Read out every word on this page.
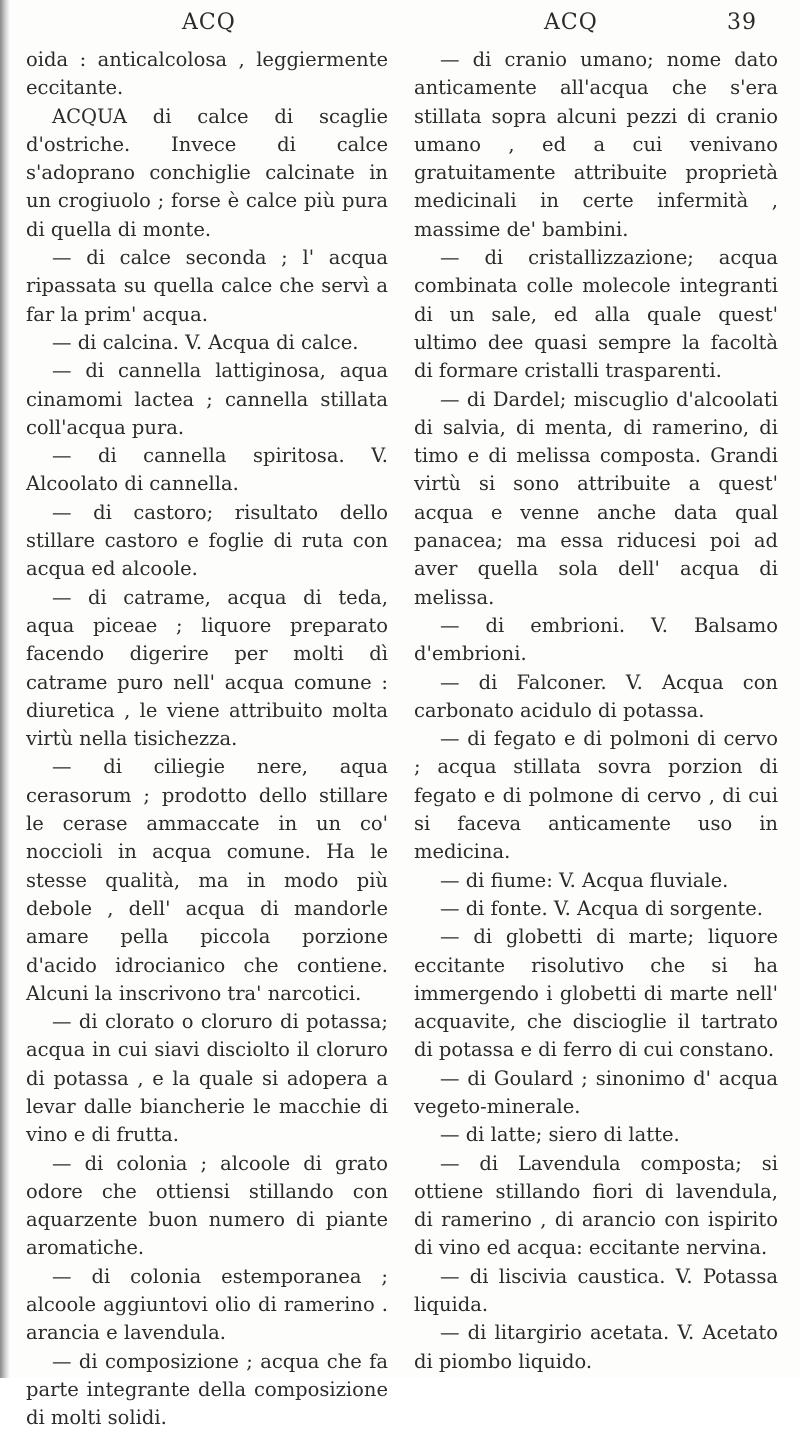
ACQ	ACQ	39

oida : anticalcolosa , leggiermente eccitante.

ACQUA di calce di scaglie d'ostriche. Invece di calce s'adoprano conchiglie calcinate in un crogiuolo ; forse è calce più pura di quella di monte.

— di calce seconda ; l' acqua ripassata su quella calce che servì a far la prim' acqua.

— di calcina. V. Acqua di calce.

— di cannella lattiginosa, aqua cinamomi lactea ; cannella stillata coll'acqua pura.

— di cannella spiritosa. V. Alcoolato di cannella.

— di castoro; risultato dello stillare castoro e foglie di ruta con acqua ed alcoole.

— di catrame, acqua di teda, aqua piceae ; liquore preparato facendo digerire per molti dì catrame puro nell' acqua comune : diuretica , le viene attribuito molta virtù nella tisichezza.

— di ciliegie nere, aqua cerasorum ; prodotto dello stillare le cerase ammaccate in un co' noccioli in acqua comune. Ha le stesse qualità, ma in modo più debole , dell' acqua di mandorle amare pella piccola porzione d'acido idrocianico che contiene. Alcuni la inscrivono tra' narcotici.

— di clorato o cloruro di potassa; acqua in cui siavi disciolto il cloruro di potassa , e la quale si adopera a levar dalle biancherie le macchie di vino e di frutta.

— di colonia ; alcoole di grato odore che ottiensi stillando con aquarzente buon numero di piante aromatiche.

— di colonia estemporanea ; alcoole aggiuntovi olio di ramerino . arancia e lavendula.

— di composizione ; acqua che fa parte integrante della composizione di molti solidi.

— di cranio umano; nome dato anticamente all'acqua che s'era stillata sopra alcuni pezzi di cranio umano , ed a cui venivano gratuitamente attribuite proprietà medicinali in certe infermità , massime de' bambini.

— di cristallizzazione; acqua combinata colle molecole integranti di un sale, ed alla quale quest' ultimo dee quasi sempre la facoltà di formare cristalli trasparenti.

— di Dardel; miscuglio d'alcoolati di salvia, di menta, di ramerino, di timo e di melissa composta. Grandi virtù si sono attribuite a quest' acqua e venne anche data qual panacea; ma essa riducesi poi ad aver quella sola dell' acqua di melissa.

— di embrioni. V. Balsamo d'embrioni.

— di Falconer. V. Acqua con carbonato acidulo di potassa.

— di fegato e di polmoni di cervo ; acqua stillata sovra porzion di fegato e di polmone di cervo , di cui si faceva anticamente uso in medicina.

— di fiume: V. Acqua fluviale.

— di fonte. V. Acqua di sorgente.

— di globetti di marte; liquore eccitante risolutivo che si ha immergendo i globetti di marte nell' acquavite, che discioglie il tartrato di potassa e di ferro di cui constano.

— di Goulard ; sinonimo d' acqua vegeto-minerale.

— di latte; siero di latte.

— di Lavendula composta; si ottiene stillando fiori di lavendula, di ramerino , di arancio con ispirito di vino ed acqua: eccitante nervina.

— di liscivia caustica. V. Potassa liquida.

— di litargirio acetata. V. Acetato di piombo liquido.
